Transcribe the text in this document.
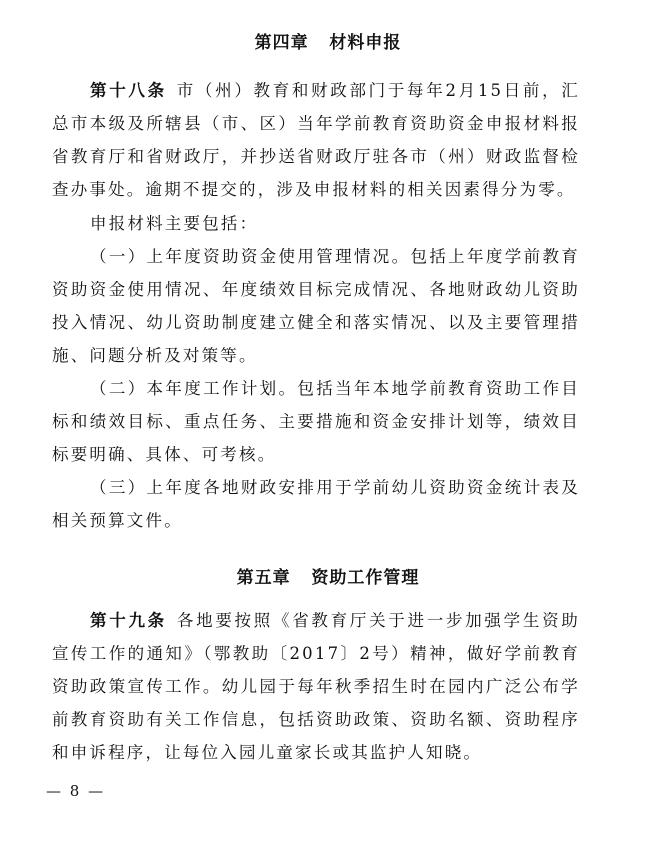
第四章   材料申报
第十八条 市（州）教育和财政部门于每年2月15日前，汇总市本级及所辖县（市、区）当年学前教育资助资金申报材料报省教育厅和省财政厅，并抄送省财政厅驻各市（州）财政监督检查办事处。逾期不提交的，涉及申报材料的相关因素得分为零。
申报材料主要包括：
（一）上年度资助资金使用管理情况。包括上年度学前教育资助资金使用情况、年度绩效目标完成情况、各地财政幼儿资助投入情况、幼儿资助制度建立健全和落实情况、以及主要管理措施、问题分析及对策等。
（二）本年度工作计划。包括当年本地学前教育资助工作目标和绩效目标、重点任务、主要措施和资金安排计划等，绩效目标要明确、具体、可考核。
（三）上年度各地财政安排用于学前幼儿资助资金统计表及相关预算文件。
第五章   资助工作管理
第十九条 各地要按照《省教育厅关于进一步加强学生资助宣传工作的通知》（鄂教助〔2017〕2号）精神，做好学前教育资助政策宣传工作。幼儿园于每年秋季招生时在园内广泛公布学前教育资助有关工作信息，包括资助政策、资助名额、资助程序和申诉程序，让每位入园儿童家长或其监护人知晓。
— 8 —
